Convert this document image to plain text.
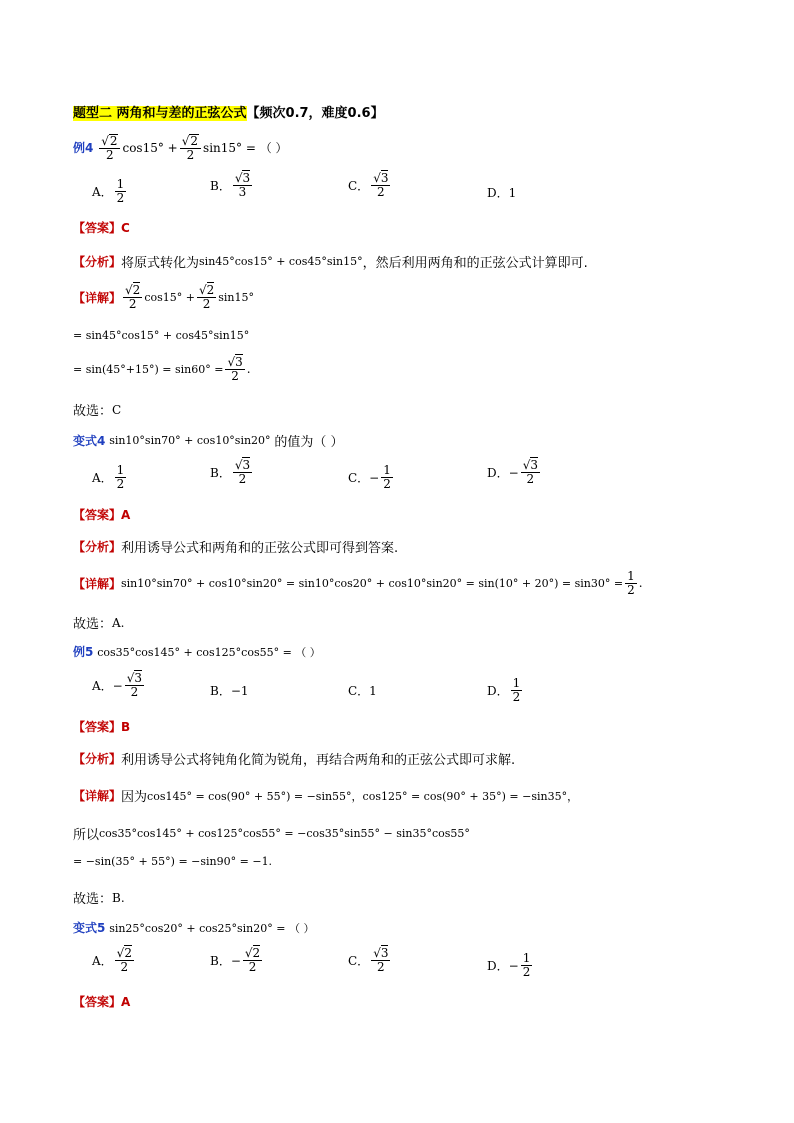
题型二 两角和与差的正弦公式【频次0.7，难度0.6】
例4
$\frac{√2}{2} \cos 15^\circ + \frac{√2}{2} \sin 15^\circ$ = （ ）
A． $\frac{1}{2}$	B． $\frac{√3}{3}$	C． $\frac{√3}{2}$	D．1
【答案】 C
【分析】 将原式转化为 sin45°cos15° + cos45°sin15° ，然后利用两角和的正弦公式计算即可.
【详解】 $\frac{√2}{2} \cos 15^\circ + \frac{√2}{2} \sin 15^\circ$
= sin45°cos15° + cos45°sin15°
= $\sin(45^\circ+15^\circ) = \sin 60^\circ = \frac{√3}{2}$ .
故选： C
变式4
sin10°sin70° + cos10°sin20°
的值为（ ）
A． $\frac{1}{2}$	B． $\frac{√3}{2}$	C．− $\frac{1}{2}$	D．− $\frac{√3}{2}$
【答案】 A
【分析】 利用诱导公式和两角和的正弦公式即可得到答案.
【详解】 $\sin 10^\circ\sin 70^\circ + \cos 10^\circ\sin 20^\circ = \sin 10^\circ\cos 20^\circ + \cos 10^\circ\sin 20^\circ = \sin(10^\circ + 20^\circ) = \sin 30^\circ = \frac{1}{2}$ .
故选： A.
例5
cos35°cos145° + cos125°cos55° = （ ）
A．− $\frac{√3}{2}$	B．−1	C．1	D． $\frac{1}{2}$
【答案】 B
【分析】 利用诱导公式将钝角化简为锐角，再结合两角和的正弦公式即可求解.
【详解】 因为 cos145° = cos(90° + 55°) = −sin55°，cos125° = cos(90° + 35°) = −sin35°，
所以 cos35°cos145° + cos125°cos55° = −cos35°sin55° − sin35°cos55°
= −sin(35° + 55°) = −sin90° = −1.
故选： B.
变式5
sin25°cos20° + cos25°sin20° = （ ）
A． $\frac{√2}{2}$	B．− $\frac{√2}{2}$	C． $\frac{√3}{2}$	D．− $\frac{1}{2}$
【答案】 A
